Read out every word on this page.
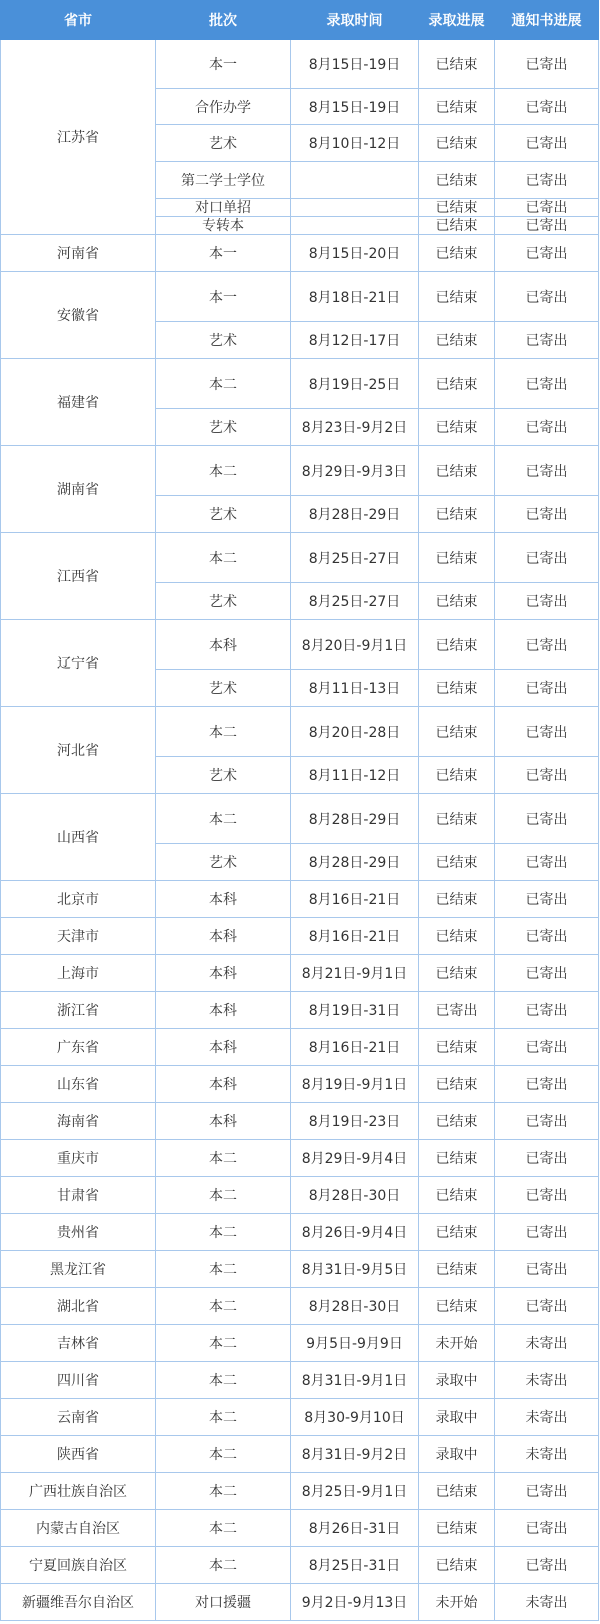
省市	批次	录取时间	录取进展	通知书进展
江苏省	本一	8月15日-19日	已结束	已寄出
	合作办学	8月15日-19日	已结束	已寄出
	艺术	8月10日-12日	已结束	已寄出
	第二学士学位		已结束	已寄出
	对口单招		已结束	已寄出
	专转本		已结束	已寄出
河南省	本一	8月15日-20日	已结束	已寄出
安徽省	本一	8月18日-21日	已结束	已寄出
	艺术	8月12日-17日	已结束	已寄出
福建省	本二	8月19日-25日	已结束	已寄出
	艺术	8月23日-9月2日	已结束	已寄出
湖南省	本二	8月29日-9月3日	已结束	已寄出
	艺术	8月28日-29日	已结束	已寄出
江西省	本二	8月25日-27日	已结束	已寄出
	艺术	8月25日-27日	已结束	已寄出
辽宁省	本科	8月20日-9月1日	已结束	已寄出
	艺术	8月11日-13日	已结束	已寄出
河北省	本二	8月20日-28日	已结束	已寄出
	艺术	8月11日-12日	已结束	已寄出
山西省	本二	8月28日-29日	已结束	已寄出
	艺术	8月28日-29日	已结束	已寄出
北京市	本科	8月16日-21日	已结束	已寄出
天津市	本科	8月16日-21日	已结束	已寄出
上海市	本科	8月21日-9月1日	已结束	已寄出
浙江省	本科	8月19日-31日	已寄出	已寄出
广东省	本科	8月16日-21日	已结束	已寄出
山东省	本科	8月19日-9月1日	已结束	已寄出
海南省	本科	8月19日-23日	已结束	已寄出
重庆市	本二	8月29日-9月4日	已结束	已寄出
甘肃省	本二	8月28日-30日	已结束	已寄出
贵州省	本二	8月26日-9月4日	已结束	已寄出
黑龙江省	本二	8月31日-9月5日	已结束	已寄出
湖北省	本二	8月28日-30日	已结束	已寄出
吉林省	本二	9月5日-9月9日	未开始	未寄出
四川省	本二	8月31日-9月1日	录取中	未寄出
云南省	本二	8月30-9月10日	录取中	未寄出
陕西省	本二	8月31日-9月2日	录取中	未寄出
广西壮族自治区	本二	8月25日-9月1日	已结束	已寄出
内蒙古自治区	本二	8月26日-31日	已结束	已寄出
宁夏回族自治区	本二	8月25日-31日	已结束	已寄出
新疆维吾尔自治区	对口援疆	9月2日-9月13日	未开始	未寄出
